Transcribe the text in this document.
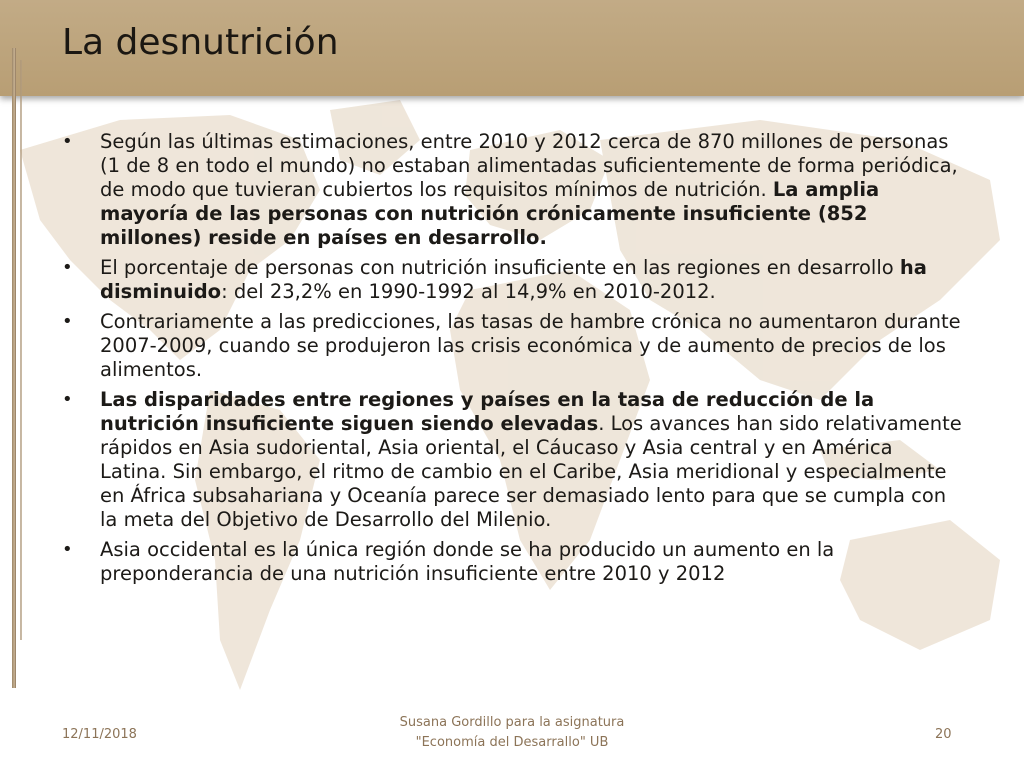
La desnutrición
• Según las últimas estimaciones, entre 2010 y 2012 cerca de 870 millones de personas (1 de 8 en todo el mundo) no estaban alimentadas suficientemente de forma periódica, de modo que tuvieran cubiertos los requisitos mínimos de nutrición. La amplia mayoría de las personas con nutrición crónicamente insuficiente (852 millones) reside en países en desarrollo.
• El porcentaje de personas con nutrición insuficiente en las regiones en desarrollo ha disminuido: del 23,2% en 1990-1992 al 14,9% en 2010-2012.
• Contrariamente a las predicciones, las tasas de hambre crónica no aumentaron durante 2007-2009, cuando se produjeron las crisis económica y de aumento de precios de los alimentos.
• Las disparidades entre regiones y países en la tasa de reducción de la nutrición insuficiente siguen siendo elevadas. Los avances han sido relativamente rápidos en Asia sudoriental, Asia oriental, el Cáucaso y Asia central y en América Latina. Sin embargo, el ritmo de cambio en el Caribe, Asia meridional y especialmente en África subsahariana y Oceanía parece ser demasiado lento para que se cumpla con la meta del Objetivo de Desarrollo del Milenio.
• Asia occidental es la única región donde se ha producido un aumento en la preponderancia de una nutrición insuficiente entre 2010 y 2012
12/11/2018
Susana Gordillo para la asignatura
"Economía del Desarrallo" UB
20
